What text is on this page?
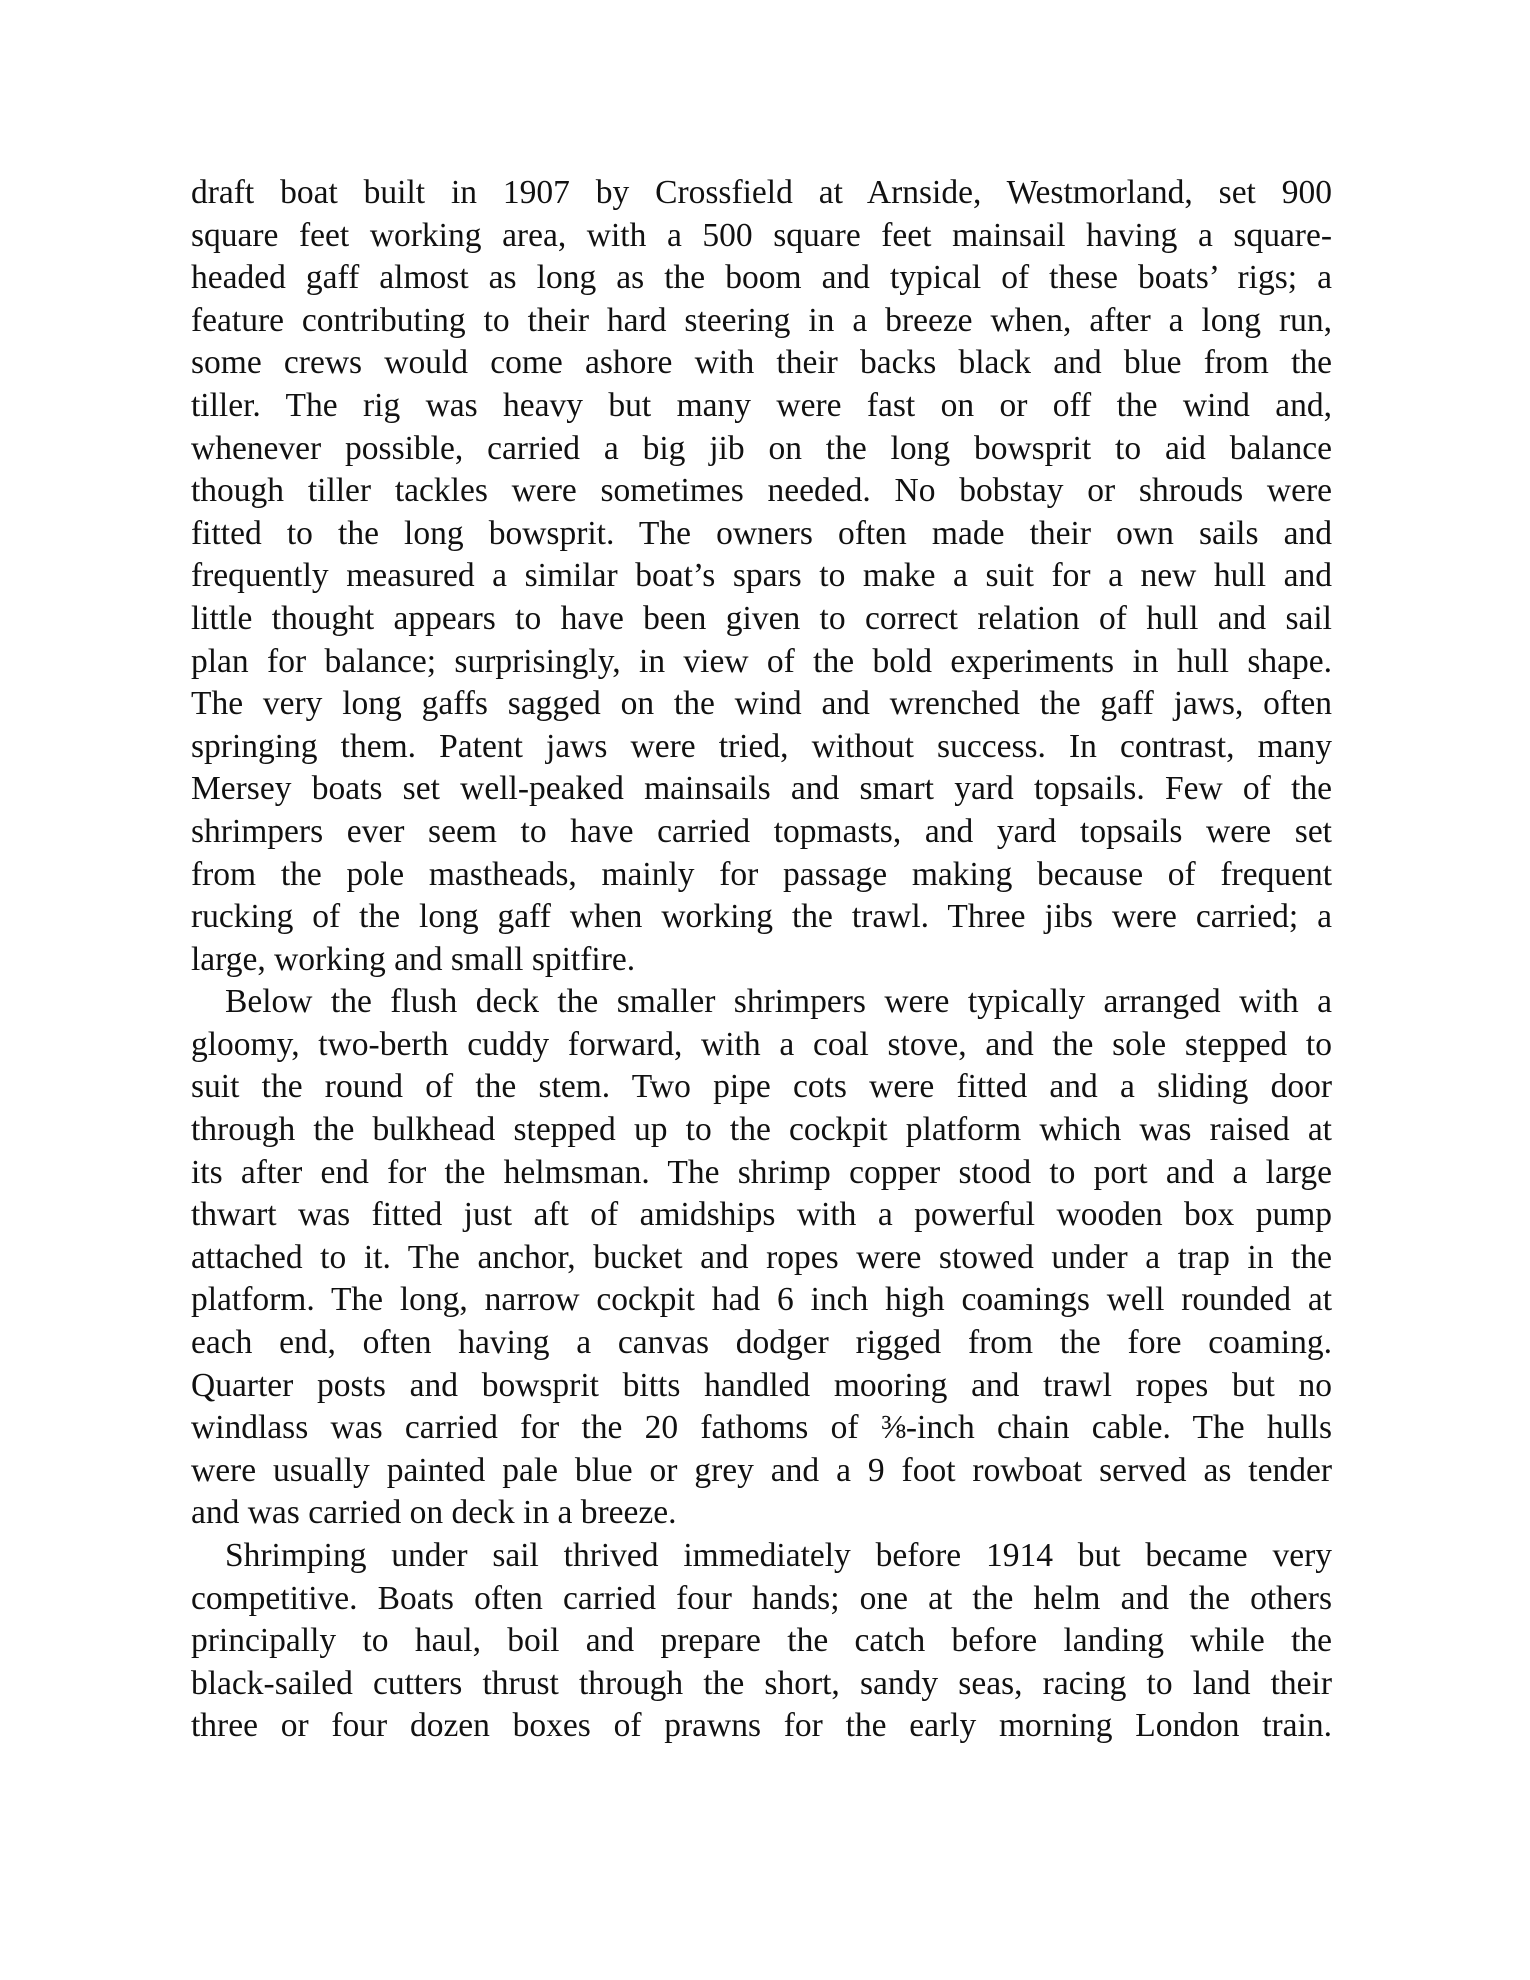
draft boat built in 1907 by Crossfield at Arnside, Westmorland, set 900
square feet working area, with a 500 square feet mainsail having a square-
headed gaff almost as long as the boom and typical of these boats’ rigs; a
feature contributing to their hard steering in a breeze when, after a long run,
some crews would come ashore with their backs black and blue from the
tiller. The rig was heavy but many were fast on or off the wind and,
whenever possible, carried a big jib on the long bowsprit to aid balance
though tiller tackles were sometimes needed. No bobstay or shrouds were
fitted to the long bowsprit. The owners often made their own sails and
frequently measured a similar boat’s spars to make a suit for a new hull and
little thought appears to have been given to correct relation of hull and sail
plan for balance; surprisingly, in view of the bold experiments in hull shape.
The very long gaffs sagged on the wind and wrenched the gaff jaws, often
springing them. Patent jaws were tried, without success. In contrast, many
Mersey boats set well-peaked mainsails and smart yard topsails. Few of the
shrimpers ever seem to have carried topmasts, and yard topsails were set
from the pole mastheads, mainly for passage making because of frequent
rucking of the long gaff when working the trawl. Three jibs were carried; a
large, working and small spitfire.
Below the flush deck the smaller shrimpers were typically arranged with a
gloomy, two-berth cuddy forward, with a coal stove, and the sole stepped to
suit the round of the stem. Two pipe cots were fitted and a sliding door
through the bulkhead stepped up to the cockpit platform which was raised at
its after end for the helmsman. The shrimp copper stood to port and a large
thwart was fitted just aft of amidships with a powerful wooden box pump
attached to it. The anchor, bucket and ropes were stowed under a trap in the
platform. The long, narrow cockpit had 6 inch high coamings well rounded at
each end, often having a canvas dodger rigged from the fore coaming.
Quarter posts and bowsprit bitts handled mooring and trawl ropes but no
windlass was carried for the 20 fathoms of ⅜-inch chain cable. The hulls
were usually painted pale blue or grey and a 9 foot rowboat served as tender
and was carried on deck in a breeze.
Shrimping under sail thrived immediately before 1914 but became very
competitive. Boats often carried four hands; one at the helm and the others
principally to haul, boil and prepare the catch before landing while the
black-sailed cutters thrust through the short, sandy seas, racing to land their
three or four dozen boxes of prawns for the early morning London train.
